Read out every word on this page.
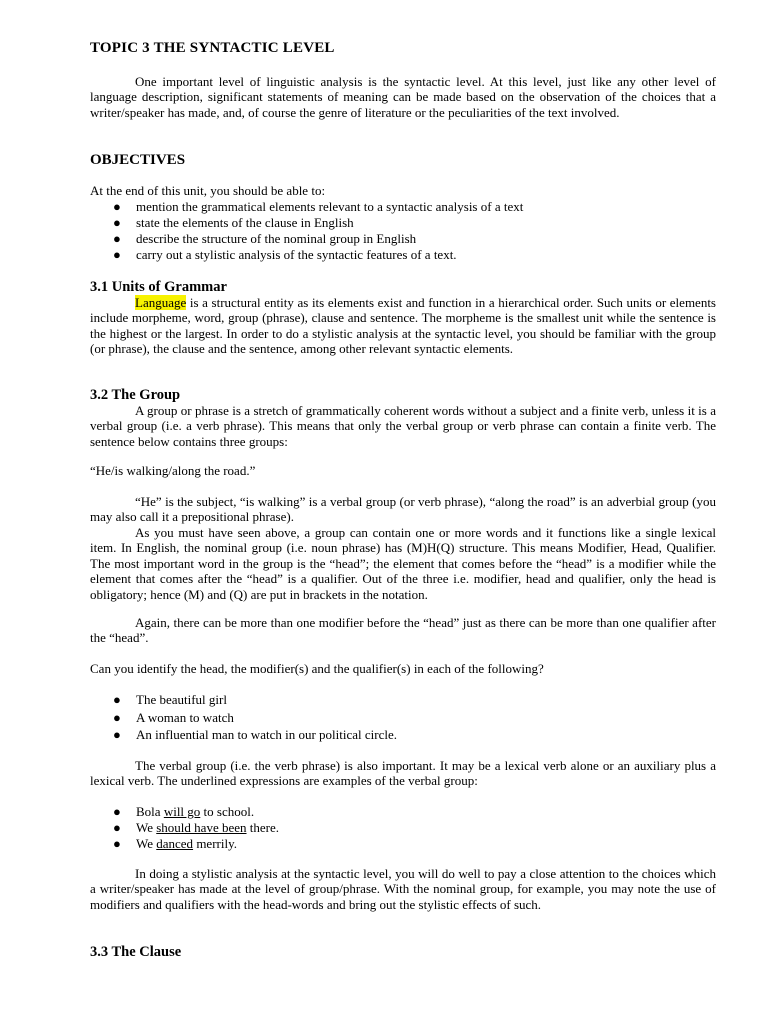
TOPIC 3 THE SYNTACTIC LEVEL

One important level of linguistic analysis is the syntactic level. At this level, just like any other level of language description, significant statements of meaning can be made based on the observation of the choices that a writer/speaker has made, and, of course the genre of literature or the peculiarities of the text involved.

OBJECTIVES

At the end of this unit, you should be able to:

● mention the grammatical elements relevant to a syntactic analysis of a text
● state the elements of the clause in English
● describe the structure of the nominal group in English
● carry out a stylistic analysis of the syntactic features of a text.
3.1 Units of Grammar

Language is a structural entity as its elements exist and function in a hierarchical order. Such units or elements include morpheme, word, group (phrase), clause and sentence. The morpheme is the smallest unit while the sentence is the highest or the largest. In order to do a stylistic analysis at the syntactic level, you should be familiar with the group (or phrase), the clause and the sentence, among other relevant syntactic elements.

3.2 The Group

A group or phrase is a stretch of grammatically coherent words without a subject and a finite verb, unless it is a verbal group (i.e. a verb phrase). This means that only the verbal group or verb phrase can contain a finite verb. The sentence below contains three groups:

“He/is walking/along the road.”

“He” is the subject, “is walking” is a verbal group (or verb phrase), “along the road” is an adverbial group (you may also call it a prepositional phrase).

As you must have seen above, a group can contain one or more words and it functions like a single lexical item. In English, the nominal group (i.e. noun phrase) has (M)H(Q) structure. This means Modifier, Head, Qualifier. The most important word in the group is the “head”; the element that comes before the “head” is a modifier while the element that comes after the “head” is a qualifier. Out of the three i.e. modifier, head and qualifier, only the head is obligatory; hence (M) and (Q) are put in brackets in the notation.

Again, there can be more than one modifier before the “head” just as there can be more than one qualifier after the “head”.

Can you identify the head, the modifier(s) and the qualifier(s) in each of the following?

● The beautiful girl
● A woman to watch
● An influential man to watch in our political circle.

The verbal group (i.e. the verb phrase) is also important. It may be a lexical verb alone or an auxiliary plus a lexical verb. The underlined expressions are examples of the verbal group:

● Bola will go to school.
● We should have been there.
● We danced merrily.

In doing a stylistic analysis at the syntactic level, you will do well to pay a close attention to the choices which a writer/speaker has made at the level of group/phrase. With the nominal group, for example, you may note the use of modifiers and qualifiers with the head-words and bring out the stylistic effects of such.

3.3 The Clause
